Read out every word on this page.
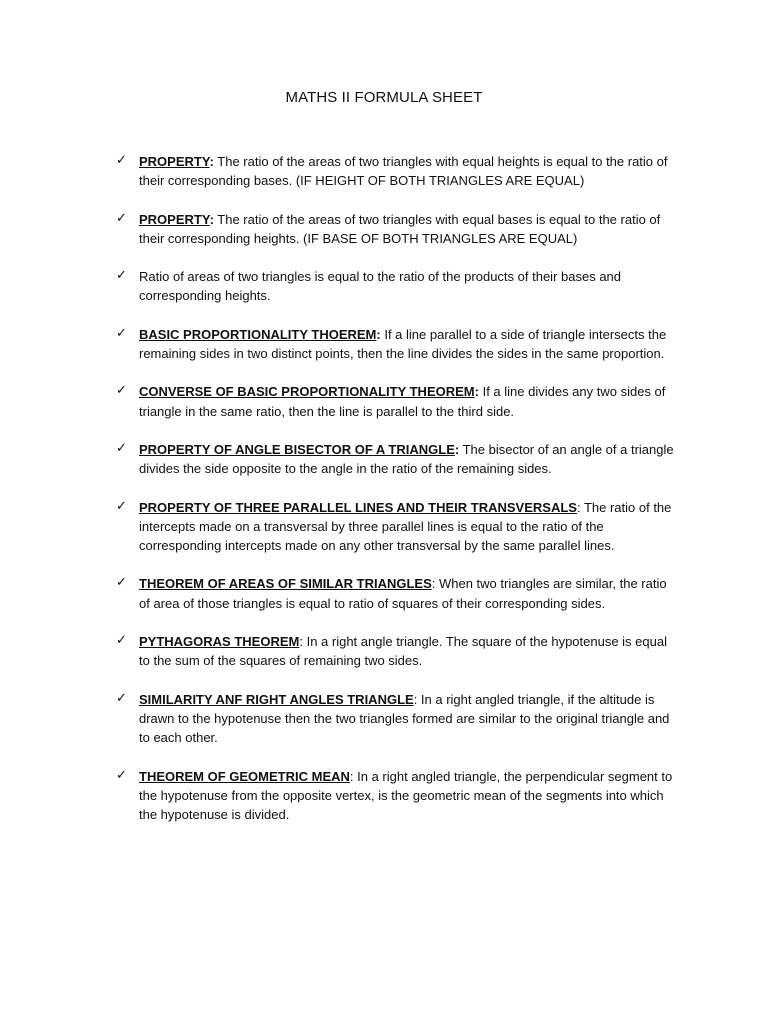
MATHS II FORMULA SHEET
✓ PROPERTY: The ratio of the areas of two triangles with equal heights is equal to the ratio of their corresponding bases. (IF HEIGHT OF BOTH TRIANGLES ARE EQUAL)
✓ PROPERTY: The ratio of the areas of two triangles with equal bases is equal to the ratio of their corresponding heights. (IF BASE OF BOTH TRIANGLES ARE EQUAL)
✓ Ratio of areas of two triangles is equal to the ratio of the products of their bases and corresponding heights.
✓ BASIC PROPORTIONALITY THOEREM: If a line parallel to a side of triangle intersects the remaining sides in two distinct points, then the line divides the sides in the same proportion.
✓ CONVERSE OF BASIC PROPORTIONALITY THEOREM: If a line divides any two sides of triangle in the same ratio, then the line is parallel to the third side.
✓ PROPERTY OF ANGLE BISECTOR OF A TRIANGLE: The bisector of an angle of a triangle divides the side opposite to the angle in the ratio of the remaining sides.
✓ PROPERTY OF THREE PARALLEL LINES AND THEIR TRANSVERSALS: The ratio of the intercepts made on a transversal by three parallel lines is equal to the ratio of the corresponding intercepts made on any other transversal by the same parallel lines.
✓ THEOREM OF AREAS OF SIMILAR TRIANGLES: When two triangles are similar, the ratio of area of those triangles is equal to ratio of squares of their corresponding sides.
✓ PYTHAGORAS THEOREM: In a right angle triangle. The square of the hypotenuse is equal to the sum of the squares of remaining two sides.
✓ SIMILARITY ANF RIGHT ANGLES TRIANGLE: In a right angled triangle, if the altitude is drawn to the hypotenuse then the two triangles formed are similar to the original triangle and to each other.
✓ THEOREM OF GEOMETRIC MEAN: In a right angled triangle, the perpendicular segment to the hypotenuse from the opposite vertex, is the geometric mean of the segments into which the hypotenuse is divided.
